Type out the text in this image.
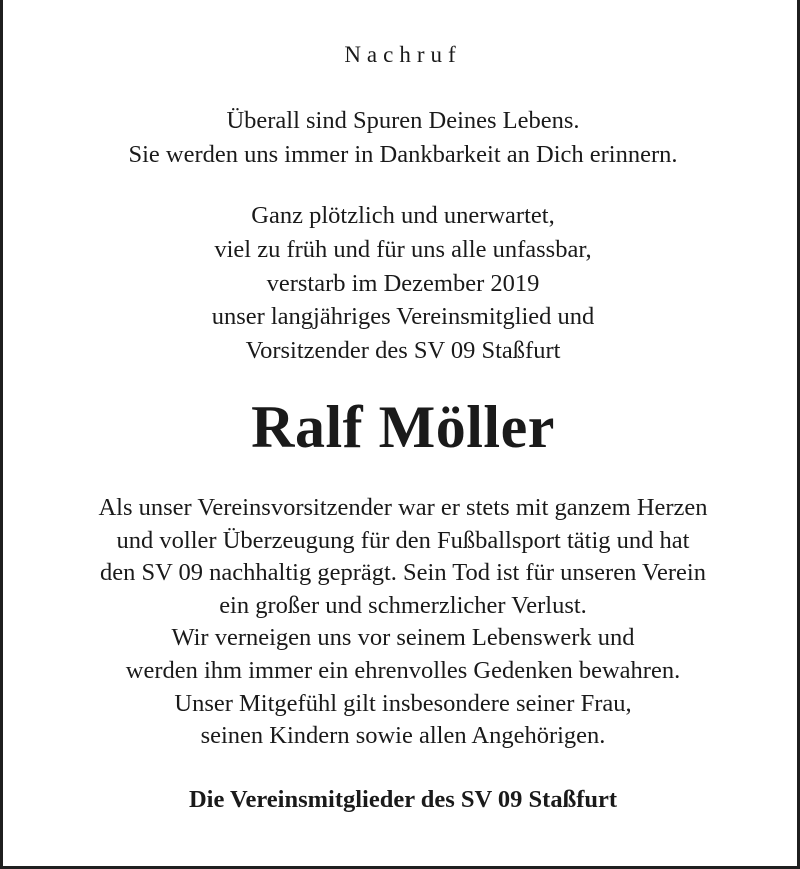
Nachruf
Überall sind Spuren Deines Lebens.
Sie werden uns immer in Dankbarkeit an Dich erinnern.
Ganz plötzlich und unerwartet,
viel zu früh und für uns alle unfassbar,
verstarb im Dezember 2019
unser langjähriges Vereinsmitglied und
Vorsitzender des SV 09 Staßfurt
Ralf Möller
Als unser Vereinsvorsitzender war er stets mit ganzem Herzen
und voller Überzeugung für den Fußballsport tätig und hat
den SV 09 nachhaltig geprägt. Sein Tod ist für unseren Verein
ein großer und schmerzlicher Verlust.
Wir verneigen uns vor seinem Lebenswerk und
werden ihm immer ein ehrenvolles Gedenken bewahren.
Unser Mitgefühl gilt insbesondere seiner Frau,
seinen Kindern sowie allen Angehörigen.
Die Vereinsmitglieder des SV 09 Staßfurt
